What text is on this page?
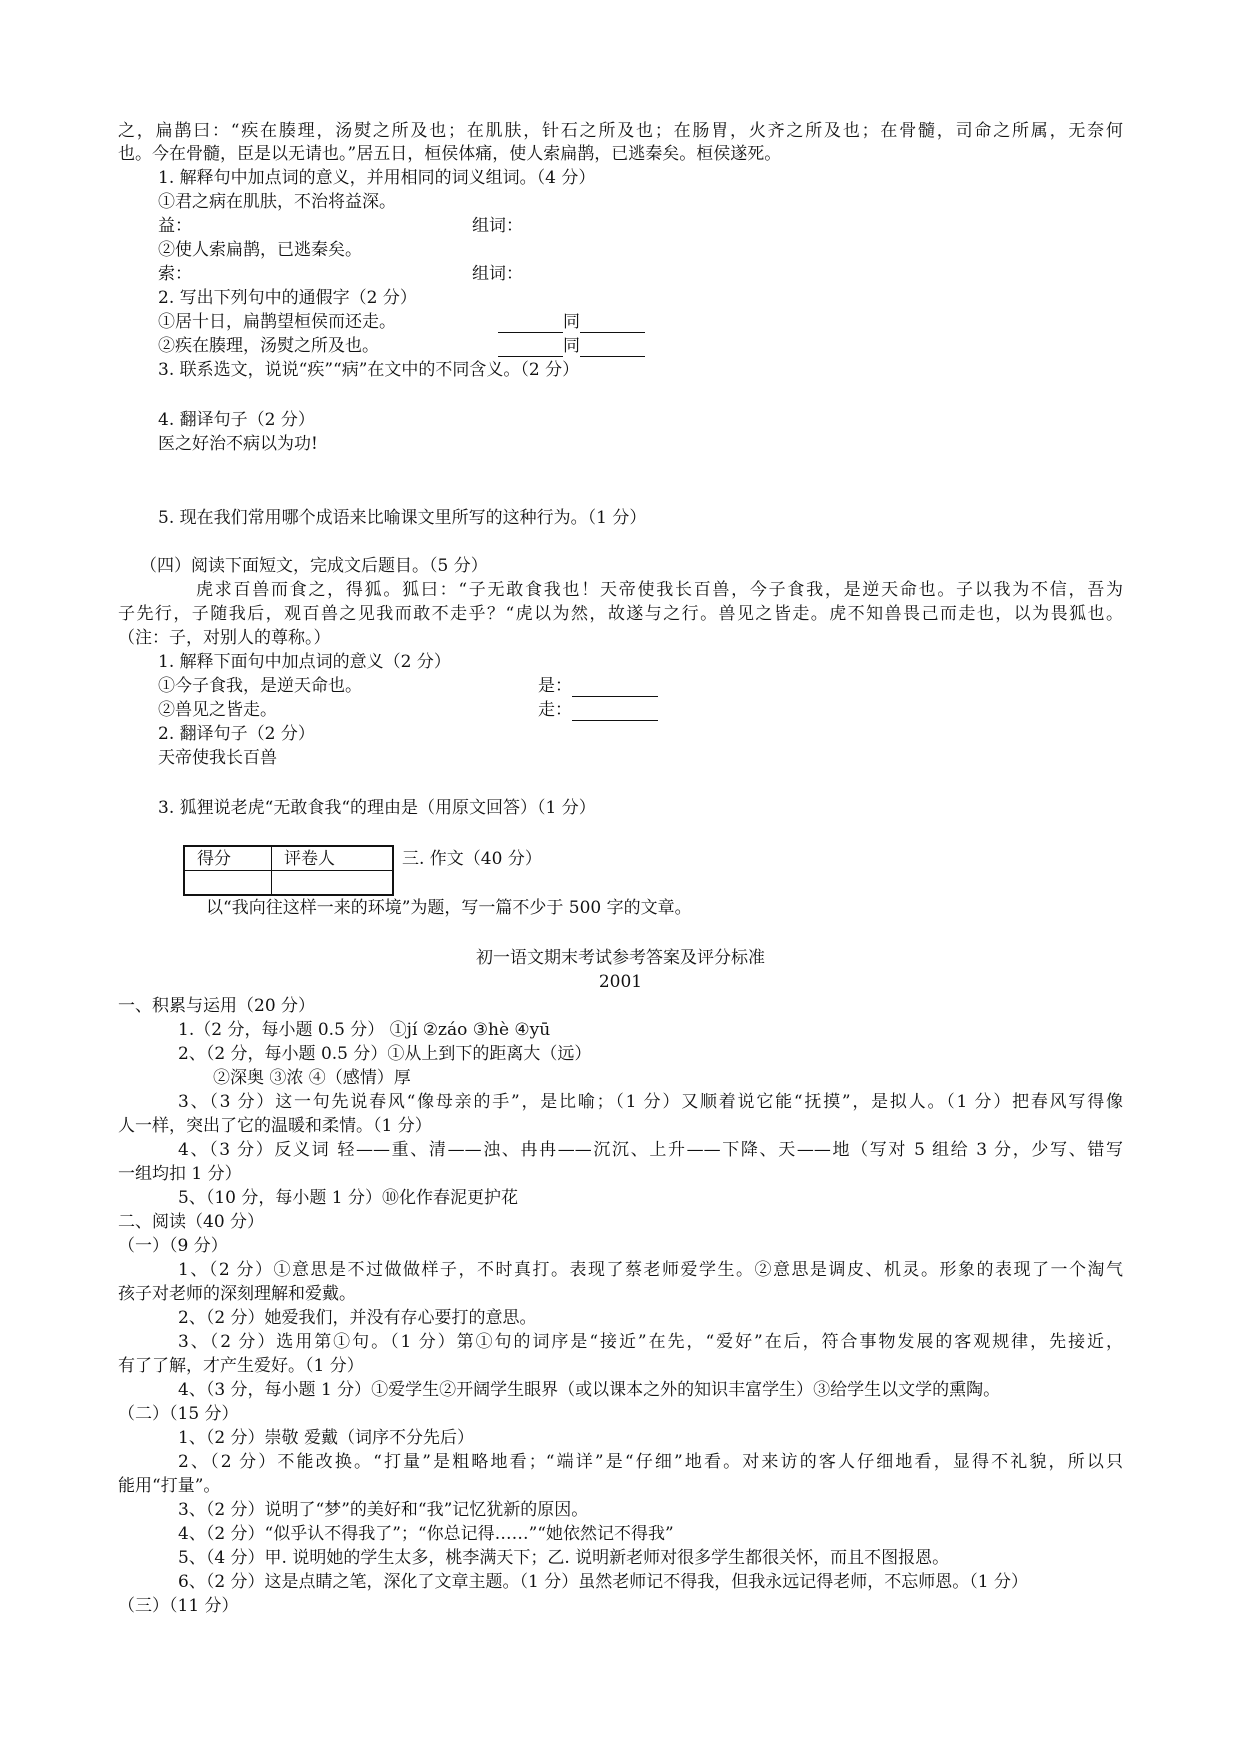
之，扁鹊曰：“疾在腠理，汤熨之所及也；在肌肤，针石之所及也；在肠胃，火齐之所及也；在骨髓，司命之所属，无奈何
也。今在骨髓，臣是以无请也。”居五日，桓侯体痛，使人索扁鹊，已逃秦矣。桓侯遂死。
1. 解释句中加点词的意义，并用相同的词义组词。（4 分）
①君之病在肌肤，不治将益深。
益：	组词：
②使人索扁鹊，已逃秦矣。
索：	组词：
2. 写出下列句中的通假字（2 分）
①居十日，扁鹊望桓侯而还走。	同
②疾在腠理，汤熨之所及也。	同
3. 联系选文，说说“疾”“病”在文中的不同含义。（2 分）
4. 翻译句子（2 分）
医之好治不病以为功!
5. 现在我们常用哪个成语来比喻课文里所写的这种行为。（1 分）
（四）阅读下面短文，完成文后题目。（5 分）
虎求百兽而食之，得狐。狐曰：“子无敢食我也！天帝使我长百兽，今子食我，是逆天命也。子以我为不信，吾为
子先行，子随我后，观百兽之见我而敢不走乎？“虎以为然，故遂与之行。兽见之皆走。虎不知兽畏己而走也，以为畏狐也。
（注：子，对别人的尊称。）
1. 解释下面句中加点词的意义（2 分）
①今子食我，是逆天命也。	是：
②兽见之皆走。	走：
2. 翻译句子（2 分）
天帝使我长百兽
3. 狐狸说老虎“无敢食我“的理由是（用原文回答）（1 分）
得分	评卷人
		三. 作文（40 分）
以“我向往这样一来的环境”为题，写一篇不少于 500 字的文章。
初一语文期末考试参考答案及评分标准
2001
一、积累与运用（20 分）
1.（2 分，每小题 0.5 分） ①jí ②záo ③hè ④yū
2、（2 分，每小题 0.5 分）①从上到下的距离大（远）
②深奥 ③浓 ④（感情）厚
3、（3 分）这一句先说春风“像母亲的手”，是比喻；（1 分）又顺着说它能“抚摸”，是拟人。（1 分）把春风写得像
人一样，突出了它的温暖和柔情。（1 分）
4、（3 分）反义词 轻——重、清——浊、冉冉——沉沉、上升——下降、天——地（写对 5 组给 3 分，少写、错写
一组均扣 1 分）
5、（10 分，每小题 1 分）⑩化作春泥更护花
二、阅读（40 分）
（一）（9 分）
1、（2 分）①意思是不过做做样子，不时真打。表现了蔡老师爱学生。②意思是调皮、机灵。形象的表现了一个淘气
孩子对老师的深刻理解和爱戴。
2、（2 分）她爱我们，并没有存心要打的意思。
3、（2 分）选用第①句。（1 分）第①句的词序是“接近”在先，“爱好”在后，符合事物发展的客观规律，先接近，
有了了解，才产生爱好。（1 分）
4、（3 分，每小题 1 分）①爱学生②开阔学生眼界（或以课本之外的知识丰富学生）③给学生以文学的熏陶。
（二）（15 分）
1、（2 分）崇敬 爱戴（词序不分先后）
2、（2 分）不能改换。“打量”是粗略地看；“端详”是“仔细”地看。对来访的客人仔细地看，显得不礼貌，所以只
能用“打量”。
3、（2 分）说明了“梦”的美好和“我”记忆犹新的原因。
4、（2 分）“似乎认不得我了”；“你总记得……”“她依然记不得我”
5、（4 分）甲. 说明她的学生太多，桃李满天下；乙. 说明新老师对很多学生都很关怀，而且不图报恩。
6、（2 分）这是点睛之笔，深化了文章主题。（1 分）虽然老师记不得我，但我永远记得老师，不忘师恩。（1 分）
（三）（11 分）
